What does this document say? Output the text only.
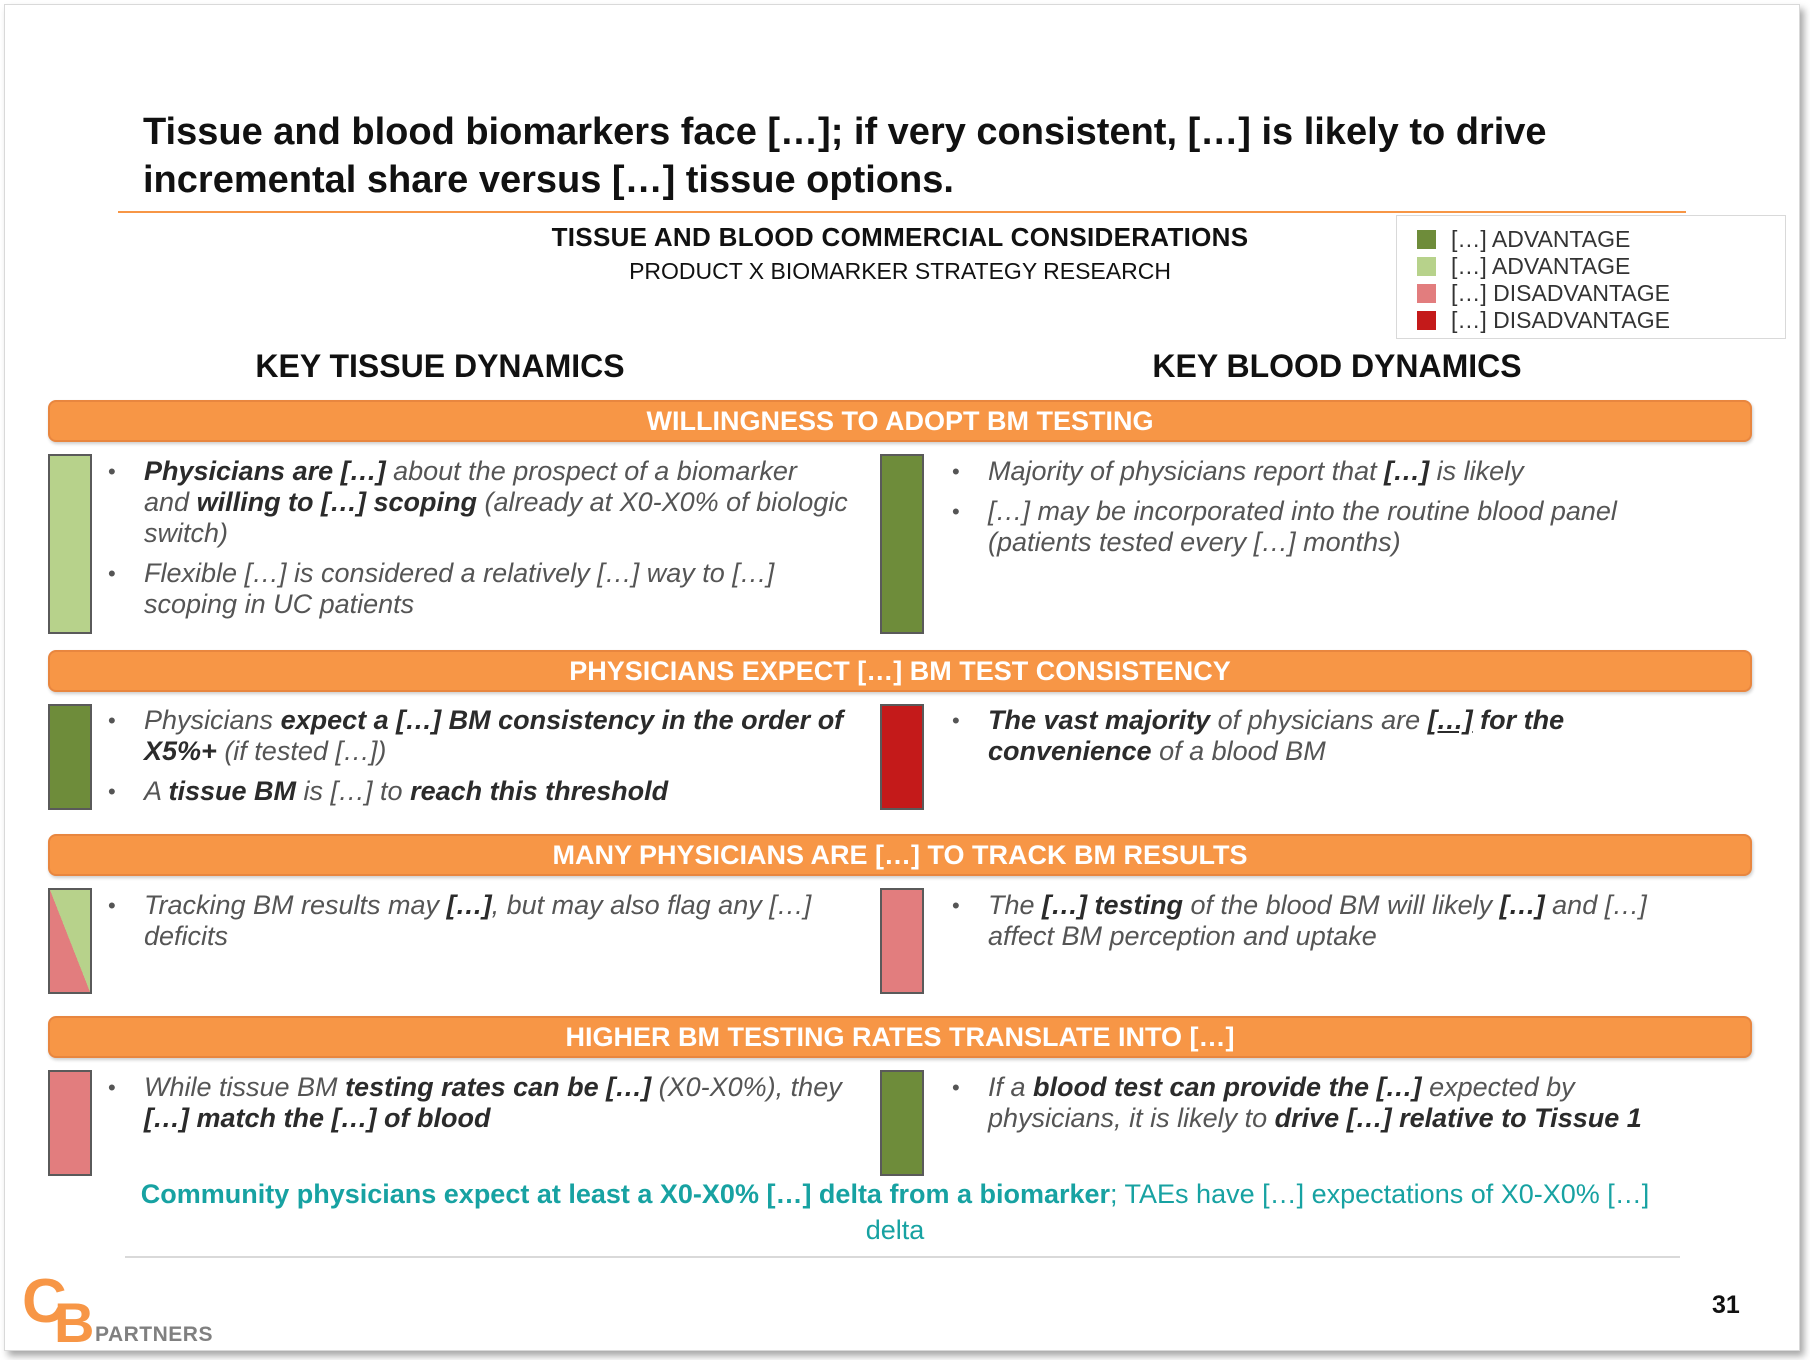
Tissue and blood biomarkers face […]; if very consistent, […] is likely to drive incremental share versus […] tissue options.
TISSUE AND BLOOD COMMERCIAL CONSIDERATIONS
PRODUCT X BIOMARKER STRATEGY RESEARCH
[…] ADVANTAGE
[…] ADVANTAGE
[…] DISADVANTAGE
[…] DISADVANTAGE
KEY TISSUE DYNAMICS	KEY BLOOD DYNAMICS
WILLINGNESS TO ADOPT BM TESTING
• Physicians are […] about the prospect of a biomarker and willing to […] scoping (already at X0-X0% of biologic switch)
• Flexible […] is considered a relatively […] way to […] scoping in UC patients
• Majority of physicians report that […] is likely
• […] may be incorporated into the routine blood panel (patients tested every […] months)
PHYSICIANS EXPECT […] BM TEST CONSISTENCY
• Physicians expect a […] BM consistency in the order of X5%+ (if tested […])
• A tissue BM is […] to reach this threshold
• The vast majority of physicians are […] for the convenience of a blood BM
MANY PHYSICIANS ARE […] TO TRACK BM RESULTS
• Tracking BM results may […], but may also flag any […] deficits
• The […] testing of the blood BM will likely […] and […] affect BM perception and uptake
HIGHER BM TESTING RATES TRANSLATE INTO […]
• While tissue BM testing rates can be […] (X0-X0%), they […] match the […] of blood
• If a blood test can provide the […] expected by physicians, it is likely to drive […] relative to Tissue 1
Community physicians expect at least a X0-X0% […] delta from a biomarker; TAEs have […] expectations of X0-X0% […] delta
C
B PARTNERS
31
